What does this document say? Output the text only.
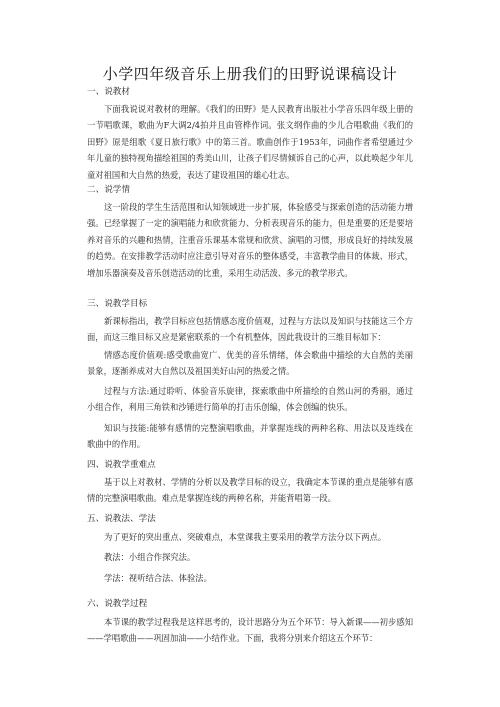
小学四年级音乐上册我们的田野说课稿设计
一、说教材
下面我说说对教材的理解。《我们的田野》是人民教育出版社小学音乐四年级上册的一节唱歌课，歌曲为F大调2/4拍并且由管桦作词。张文纲作曲的少儿合唱歌曲《我们的田野》原是组歌《夏日旅行歌》中的第三首。歌曲创作于1953年，词曲作者希望通过少年儿童的独特视角描绘祖国的秀美山川，让孩子们尽情倾诉自己的心声，以此唤起少年儿童对祖国和大自然的热爱，表达了建设祖国的雄心壮志。
二、说学情
这一阶段的学生生活范围和认知领域进一步扩展，体验感受与探索创造的活动能力增强。已经掌握了一定的演唱能力和欣赏能力、分析表现音乐的能力，但是重要的还是要培养对音乐的兴趣和热情，注重音乐课基本常规和欣赏、演唱的习惯，形成良好的持续发展的趋势。在安排教学活动时应注意引导对音乐的整体感受，丰富教学曲目的体裁、形式，增加乐器演奏及音乐创造活动的比重，采用生动活泼、多元的教学形式。
三、说教学目标
新课标指出，教学目标应包括情感态度价值观，过程与方法以及知识与技能这三个方面，而这三维目标又应是紧密联系的一个有机整体，因此我设计的三维目标如下：
情感态度价值观:感受歌曲宽广、优美的音乐情绪，体会歌曲中描绘的大自然的美丽景象，逐渐养成对大自然以及祖国美好山河的热爱之情。
过程与方法:通过聆听、体验音乐旋律，探索歌曲中所描绘的自然山河的秀丽，通过小组合作，利用三角铁和沙锤进行简单的打击乐创编，体会创编的快乐。
知识与技能:能够有感情的完整演唱歌曲，并掌握连线的两种名称、用法以及连线在歌曲中的作用。
四、说教学重难点
基于以上对教材、学情的分析以及教学目标的设立，我确定本节课的重点是能够有感情的完整演唱歌曲。难点是掌握连线的两种名称，并能背唱第一段。
五、说教法、学法
为了更好的突出重点、突破难点，本堂课我主要采用的教学方法分以下两点。
教法：小组合作探究法。
学法：视听结合法、体验法。
六、说教学过程
本节课的教学过程我是这样思考的，设计思路分为五个环节：导入新课——初步感知——学唱歌曲——巩固加油——小结作业。下面，我将分别来介绍这五个环节：
